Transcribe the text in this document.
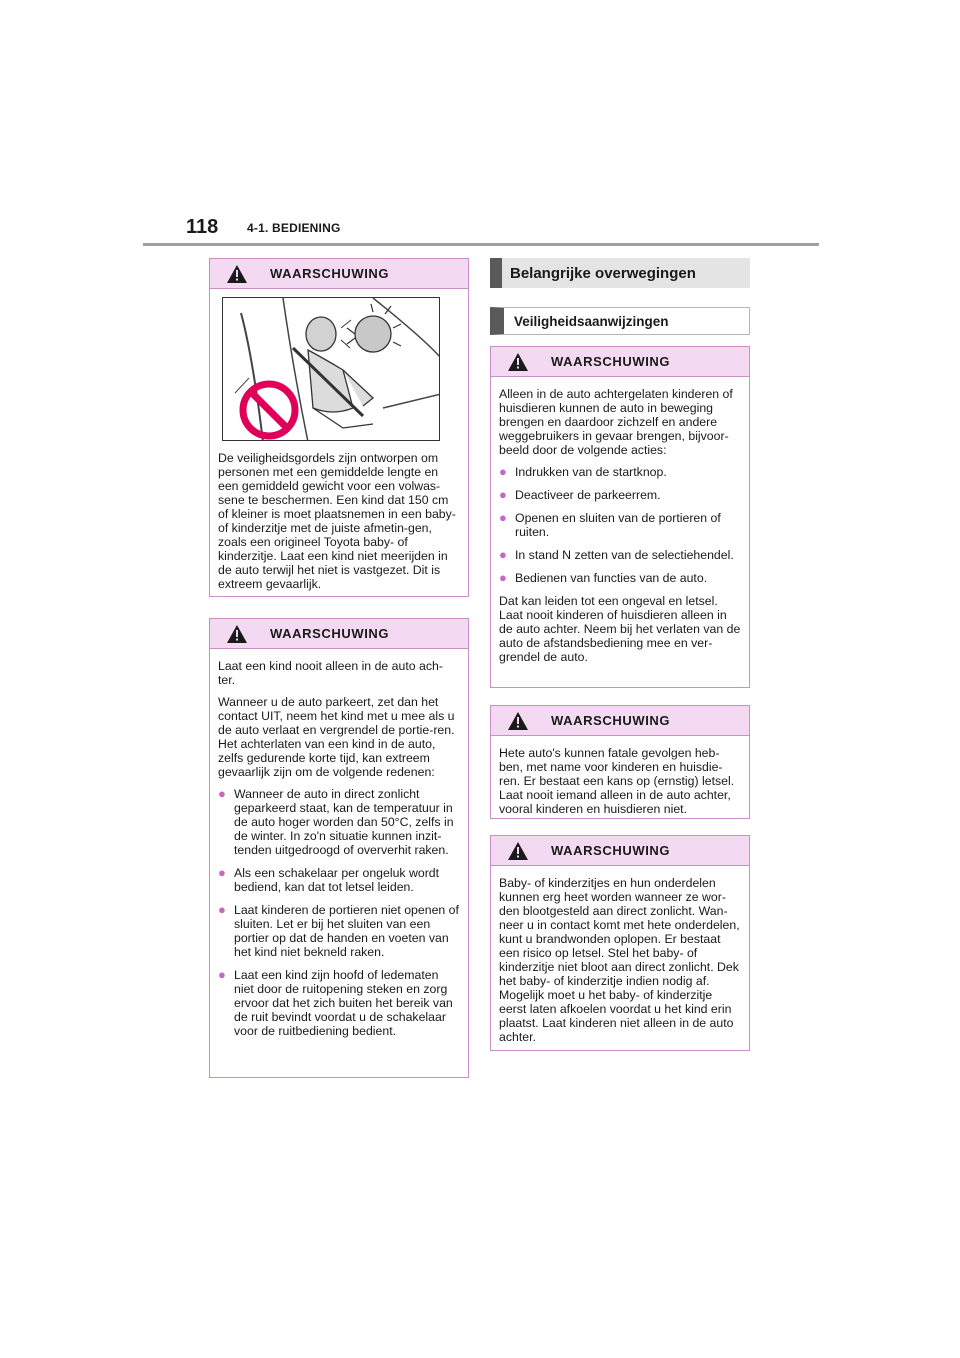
118 4-1. BEDIENING
WAARSCHUWING

De veiligheidsgordels zijn ontworpen om personen met een gemiddelde lengte en een gemiddeld gewicht voor een volwas-sene te beschermen. Een kind dat 150 cm of kleiner is moet plaatsnemen in een baby- of kinderzitje met de juiste afmetin-gen, zoals een origineel Toyota baby- of kinderzitje. Laat een kind niet meerijden in de auto terwijl het niet is vastgezet. Dit is extreem gevaarlijk.

WAARSCHUWING

Laat een kind nooit alleen in de auto ach-ter.

Wanneer u de auto parkeert, zet dan het contact UIT, neem het kind met u mee als u de auto verlaat en vergrendel de portie-ren. Het achterlaten van een kind in de auto, zelfs gedurende korte tijd, kan extreem gevaarlijk zijn om de volgende redenen:

● Wanneer de auto in direct zonlicht geparkeerd staat, kan de temperatuur in de auto hoger worden dan 50°C, zelfs in de winter. In zo'n situatie kunnen inzit-tenden uitgedroogd of oververhit raken.
● Als een schakelaar per ongeluk wordt bediend, kan dat tot letsel leiden.
● Laat kinderen de portieren niet openen of sluiten. Let er bij het sluiten van een portier op dat de handen en voeten van het kind niet bekneld raken.
● Laat een kind zijn hoofd of ledematen niet door de ruitopening steken en zorg ervoor dat het zich buiten het bereik van de ruit bevindt voordat u de schakelaar voor de ruitbediening bedient.
Belangrijke overwegingen
Veiligheidsaanwijzingen
WAARSCHUWING

Alleen in de auto achtergelaten kinderen of huisdieren kunnen de auto in beweging brengen en daardoor zichzelf en andere weggebruikers in gevaar brengen, bijvoor-beeld door de volgende acties:

● Indrukken van de startknop.
● Deactiveer de parkeerrem.
● Openen en sluiten van de portieren of ruiten.
● In stand N zetten van de selectiehendel.
● Bedienen van functies van de auto.

Dat kan leiden tot een ongeval en letsel. Laat nooit kinderen of huisdieren alleen in de auto achter. Neem bij het verlaten van de auto de afstandsbediening mee en ver-grendel de auto.

WAARSCHUWING

Hete auto's kunnen fatale gevolgen heb-ben, met name voor kinderen en huisdie-ren. Er bestaat een kans op (ernstig) letsel. Laat nooit iemand alleen in de auto achter, vooral kinderen en huisdieren niet.

WAARSCHUWING

Baby- of kinderzitjes en hun onderdelen kunnen erg heet worden wanneer ze wor-den blootgesteld aan direct zonlicht. Wan-neer u in contact komt met hete onderdelen, kunt u brandwonden oplopen. Er bestaat een risico op letsel. Stel het baby- of kinderzitje niet bloot aan direct zonlicht. Dek het baby- of kinderzitje indien nodig af. Mogelijk moet u het baby- of kinderzitje eerst laten afkoelen voordat u het kind erin plaatst. Laat kinderen niet alleen in de auto achter.
